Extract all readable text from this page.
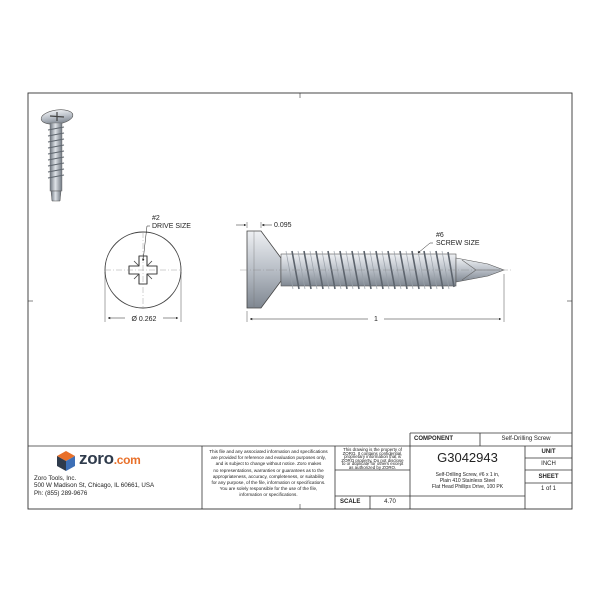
#2
DRIVE SIZE
Ø 0.262
0.095
#6
SCREW SIZE
1
zoro.com
Zoro Tools, Inc.
500 W Madison St, Chicago, IL 60661, USA
Ph: (855) 289-9676
This file and any associated information and specifications
are provided for reference and evaluation purposes only,
and is subject to change without notice. Zoro makes
no representations, warranties or guarantees as to the
appropriateness, accuracy, completeness, or suitability
for any purpose, of the file, information or specifications.
You are solely responsible for the use of the file,
information or specifications.
This drawing is the property of
ZORO. It contains confidential,
proprietary information that is
ZORO property. Do not disclose
to or duplicate for others except
as authorized by ZORO.
COMPONENT	Self-Drilling Screw
G3042943
Self-Drilling Screw, #6 x 1 in,
Plain 410 Stainless Steel
Flat Head Phillips Drive, 100 PK
SCALE	4.70
UNIT
INCH
SHEET
1 of 1
